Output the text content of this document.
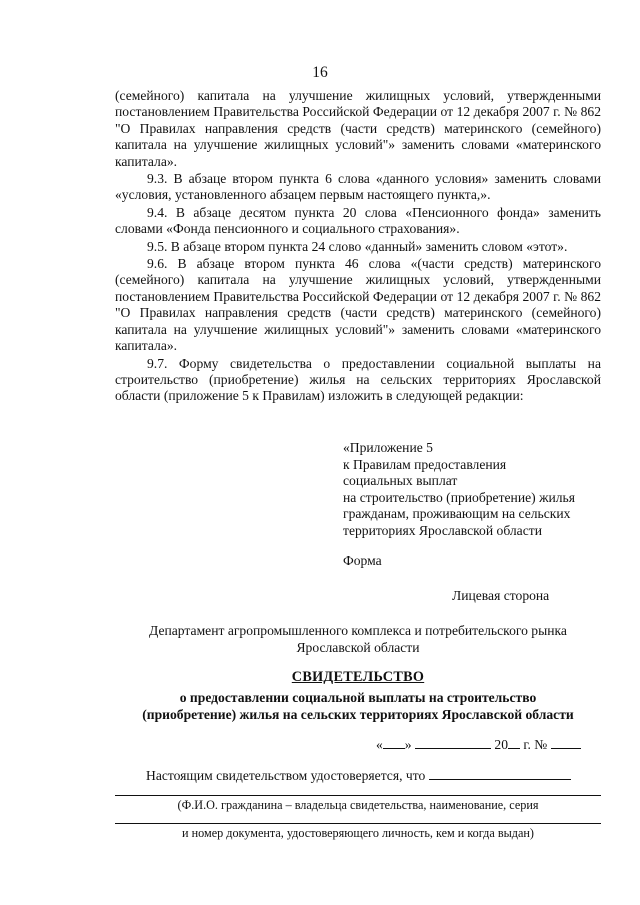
16

(семейного) капитала на улучшение жилищных условий, утвержденными постановлением Правительства Российской Федерации от 12 декабря 2007 г. № 862 "О Правилах направления средств (части средств) материнского (семейного) капитала на улучшение жилищных условий"» заменить словами «материнского капитала».

9.3. В абзаце втором пункта 6 слова «данного условия» заменить словами «условия, установленного абзацем первым настоящего пункта,».

9.4. В абзаце десятом пункта 20 слова «Пенсионного фонда» заменить словами «Фонда пенсионного и социального страхования».

9.5. В абзаце втором пункта 24 слово «данный» заменить словом «этот».

9.6. В абзаце втором пункта 46 слова «(части средств) материнского (семейного) капитала на улучшение жилищных условий, утвержденными постановлением Правительства Российской Федерации от 12 декабря 2007 г. № 862 "О Правилах направления средств (части средств) материнского (семейного) капитала на улучшение жилищных условий"» заменить словами «материнского капитала».

9.7. Форму свидетельства о предоставлении социальной выплаты на строительство (приобретение) жилья на сельских территориях Ярославской области (приложение 5 к Правилам) изложить в следующей редакции:

«Приложение 5
к Правилам предоставления
социальных выплат
на строительство (приобретение) жилья
гражданам, проживающим на сельских
территориях Ярославской области
Форма
Лицевая сторона
Департамент агропромышленного комплекса и потребительского рынка
Ярославской области
СВИДЕТЕЛЬСТВО
о предоставлении социальной выплаты на строительство
(приобретение) жилья на сельских территориях Ярославской области
« »	20 г. №
Настоящим свидетельством удостоверяется, что
(Ф.И.О. гражданина – владельца свидетельства, наименование, серия
и номер документа, удостоверяющего личность, кем и когда выдан)
